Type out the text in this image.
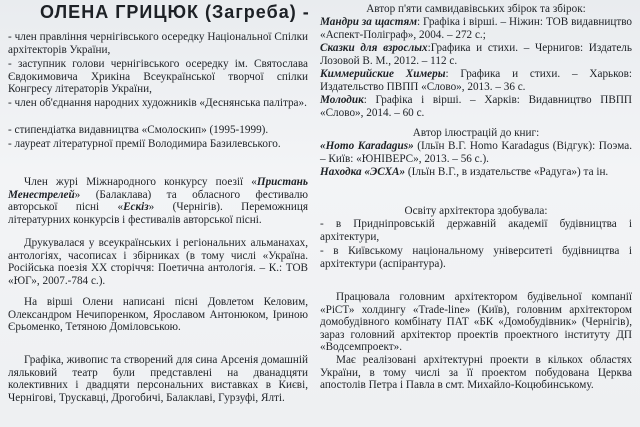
ОЛЕНА ГРИЦЮК (Загреба) -

- член правління чернігівського осередку Національної Спілки архітекторів України,

- заступник голови чернігівського осередку ім. Святослава Євдокимовича Хрикіна Всеукраїнської творчої спілки Конгресу літераторів України,

- член об'єднання народних художників «Деснянська палітра».

- стипендіатка видавництва «Смолоскип» (1995-1999).

- лауреат літературної премії Володимира Базилевського.

Член журі Міжнародного конкурсу поезії «Пристань Менестрелей» (Балаклава) та обласного фестивалю авторської пісні «Ескіз» (Чернігів). Переможниця літературних конкурсів і фестивалів авторської пісні.

Друкувалася у всеукраїнських і регіональних альманахах, антологіях, часописах і збірниках (в тому числі «Україна. Російська поезія XX сторіччя: Поетична антологія. – К.: ТОВ «ЮГ», 2007.-784 с.).

На вірші Олени написані пісні Довлетом Келовим, Олександром Нечипоренком, Ярославом Антонюком, Іриною Єрьоменко, Тетяною Доміловською.

Графіка, живопис та створений для сина Арсенія домашній ляльковий театр були представлені на дванадцяти колективних і двадцяти персональних виставках в Києві, Чернігові, Трускавці, Дрогобичі, Балаклаві, Гурзуфі, Ялті.

Автор п'яти самвидавівських збірок та збірок:

Мандри за щастям: Графіка і вірші. – Ніжин: ТОВ видавництво «Аспект-Поліграф», 2004. – 272 с.;

Сказки для взрослых:Графика и стихи. – Чернигов: Издатель Лозовой В. М., 2012. – 112 с.

Киммерийские Химеры: Графика и стихи. – Харьков: Издательство ПВПП «Слово», 2013. – 36 с.

Молодик: Графіка і вірші. – Харків: Видавництво ПВПП «Слово», 2014. – 60 с.

Автор ілюстрацій до книг:

«Homo Karadagus» (Ільїн В.Г. Homo Karadagus (Відгук): Поэма. – Київ: «ЮНІВЕРС», 2013. – 56 с.).

Находка «ЭСХА» (Ільїн В.Г., в издательстве «Радуга») та ін.

Освіту архітектора здобувала:

- в Придніпровській державній академії будівництва і архітектури,

- в Київському національному університеті будівництва і архітектури (аспірантура).

Працювала головним архітектором будівельної компанії «РіСТ» холдингу «Trade-line» (Київ), головним архітектором домобудівного комбінату ПАТ «БК «Домобудівник» (Чернігів), зараз головний архітектор проектів проектного інституту ДП «Водсемпроект».

Має реалізовані архітектурні проекти в кількох областях України, в тому числі за її проектом побудована Церква апостолів Петра і Павла в смт. Михайло-Коцюбинському.
